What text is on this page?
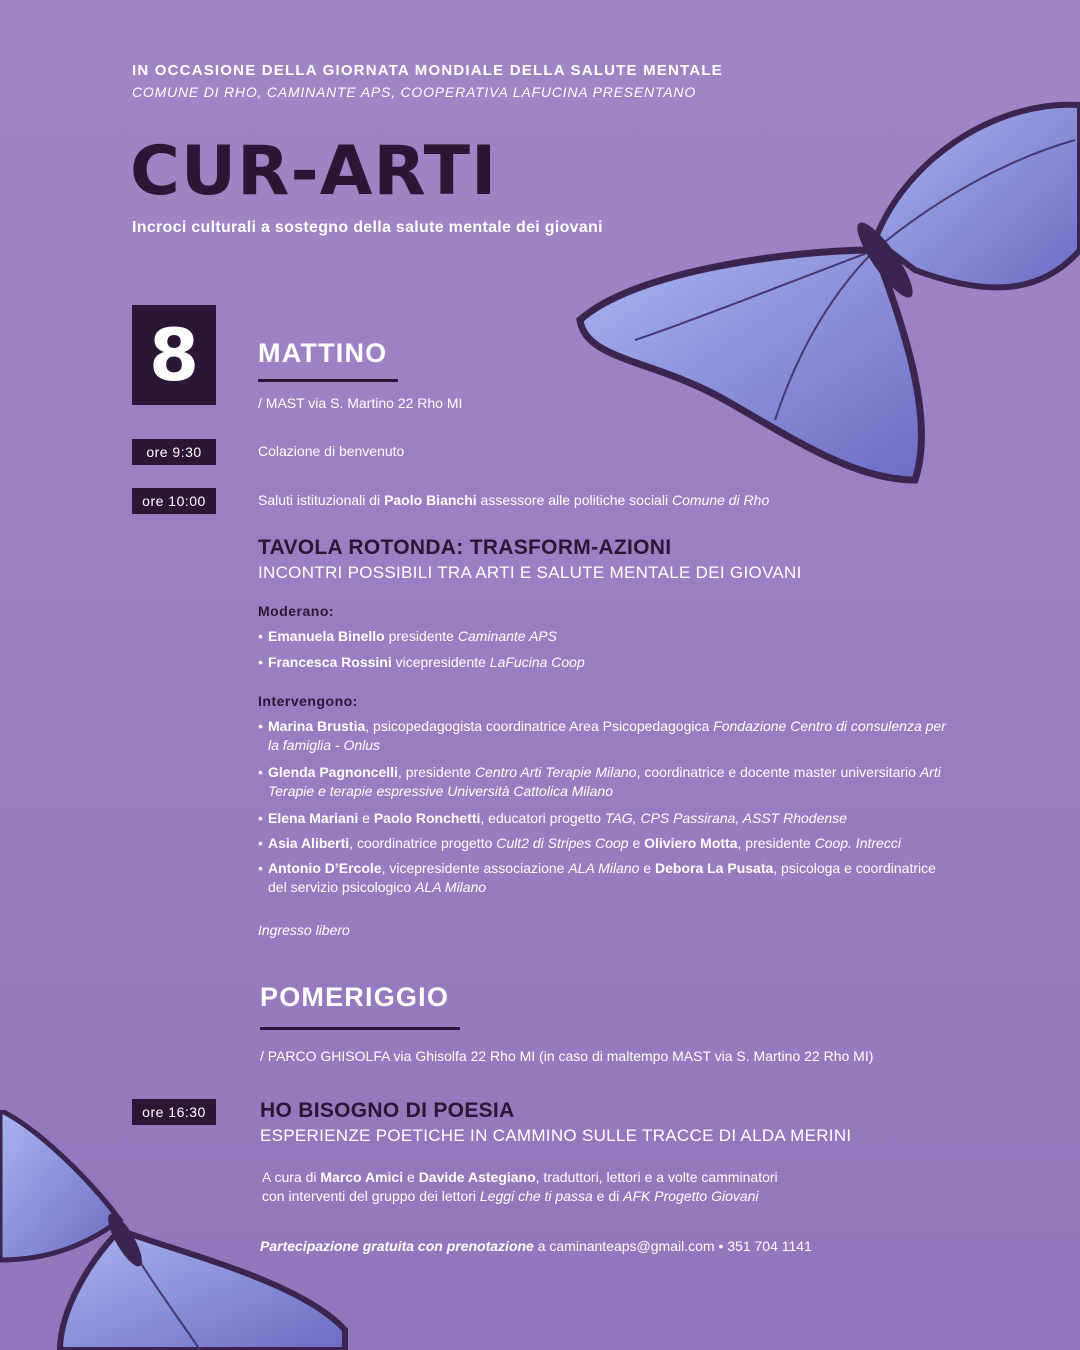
IN OCCASIONE DELLA GIORNATA MONDIALE DELLA SALUTE MENTALE
COMUNE DI RHO, CAMINANTE APS, COOPERATIVA LAFUCINA PRESENTANO
CUR-ARTI
Incroci culturali a sostegno della salute mentale dei giovani
8	MATTINO
/ MAST via S. Martino 22 Rho MI
ore 9:30	Colazione di benvenuto
ore 10:00	Saluti istituzionali di Paolo Bianchi assessore alle politiche sociali Comune di Rho
TAVOLA ROTONDA: TRASFORM-AZIONI
INCONTRI POSSIBILI TRA ARTI E SALUTE MENTALE DEI GIOVANI
Moderano:
• Emanuela Binello presidente Caminante APS
• Francesca Rossini vicepresidente LaFucina Coop
Intervengono:
• Marina Brustia, psicopedagogista coordinatrice Area Psicopedagogica Fondazione Centro di consulenza per la famiglia - Onlus
• Glenda Pagnoncelli, presidente Centro Arti Terapie Milano, coordinatrice e docente master universitario Arti Terapie e terapie espressive Università Cattolica Milano
• Elena Mariani e Paolo Ronchetti, educatori progetto TAG, CPS Passirana, ASST Rhodense
• Asia Aliberti, coordinatrice progetto Cult2 di Stripes Coop e Oliviero Motta, presidente Coop. Intrecci
• Antonio D’Ercole, vicepresidente associazione ALA Milano e Debora La Pusata, psicologa e coordinatrice del servizio psicologico ALA Milano
Ingresso libero
POMERIGGIO
/ PARCO GHISOLFA via Ghisolfa 22 Rho MI (in caso di maltempo MAST via S. Martino 22 Rho MI)
ore 16:30	HO BISOGNO DI POESIA
ESPERIENZE POETICHE IN CAMMINO SULLE TRACCE DI ALDA MERINI
A cura di Marco Amici e Davide Astegiano, traduttori, lettori e a volte camminatori
con interventi del gruppo dei lettori Leggi che ti passa e di AFK Progetto Giovani
Partecipazione gratuita con prenotazione a caminanteaps@gmail.com • 351 704 1141
